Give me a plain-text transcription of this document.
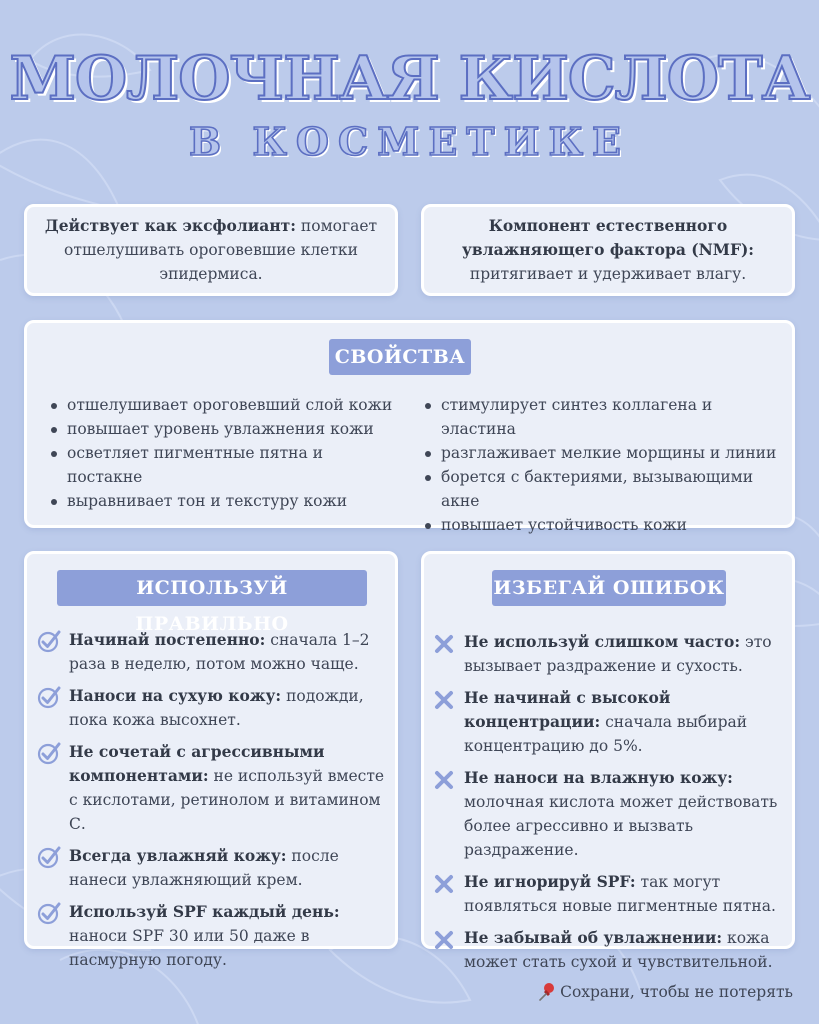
МОЛОЧНАЯ КИСЛОТА
В КОСМЕТИКЕ
Действует как эксфолиант: помогает отшелушивать ороговевшие клетки эпидермиса.
Компонент естественного увлажняющего фактора (NMF): притягивает и удерживает влагу.
СВОЙСТВА
отшелушивает ороговевший слой кожи
повышает уровень увлажнения кожи
осветляет пигментные пятна и постакне
выравнивает тон и текстуру кожи
стимулирует синтез коллагена и эластина
разглаживает мелкие морщины и линии
борется с бактериями, вызывающими акне
повышает устойчивость кожи
ИСПОЛЬЗУЙ ПРАВИЛЬНО
Начинай постепенно: сначала 1–2 раза в неделю, потом можно чаще.
Наноси на сухую кожу: подожди, пока кожа высохнет.
Не сочетай с агрессивными компонентами: не используй вместе с кислотами, ретинолом и витамином С.
Всегда увлажняй кожу: после нанеси увлажняющий крем.
Используй SPF каждый день: наноси SPF 30 или 50 даже в пасмурную погоду.
ИЗБЕГАЙ ОШИБОК
Не используй слишком часто: это вызывает раздражение и сухость.
Не начинай с высокой концентрации: сначала выбирай концентрацию до 5%.
Не наноси на влажную кожу: молочная кислота может действовать более агрессивно и вызвать раздражение.
Не игнорируй SPF: так могут появляться новые пигментные пятна.
Не забывай об увлажнении: кожа может стать сухой и чувствительной.
Сохрани, чтобы не потерять
